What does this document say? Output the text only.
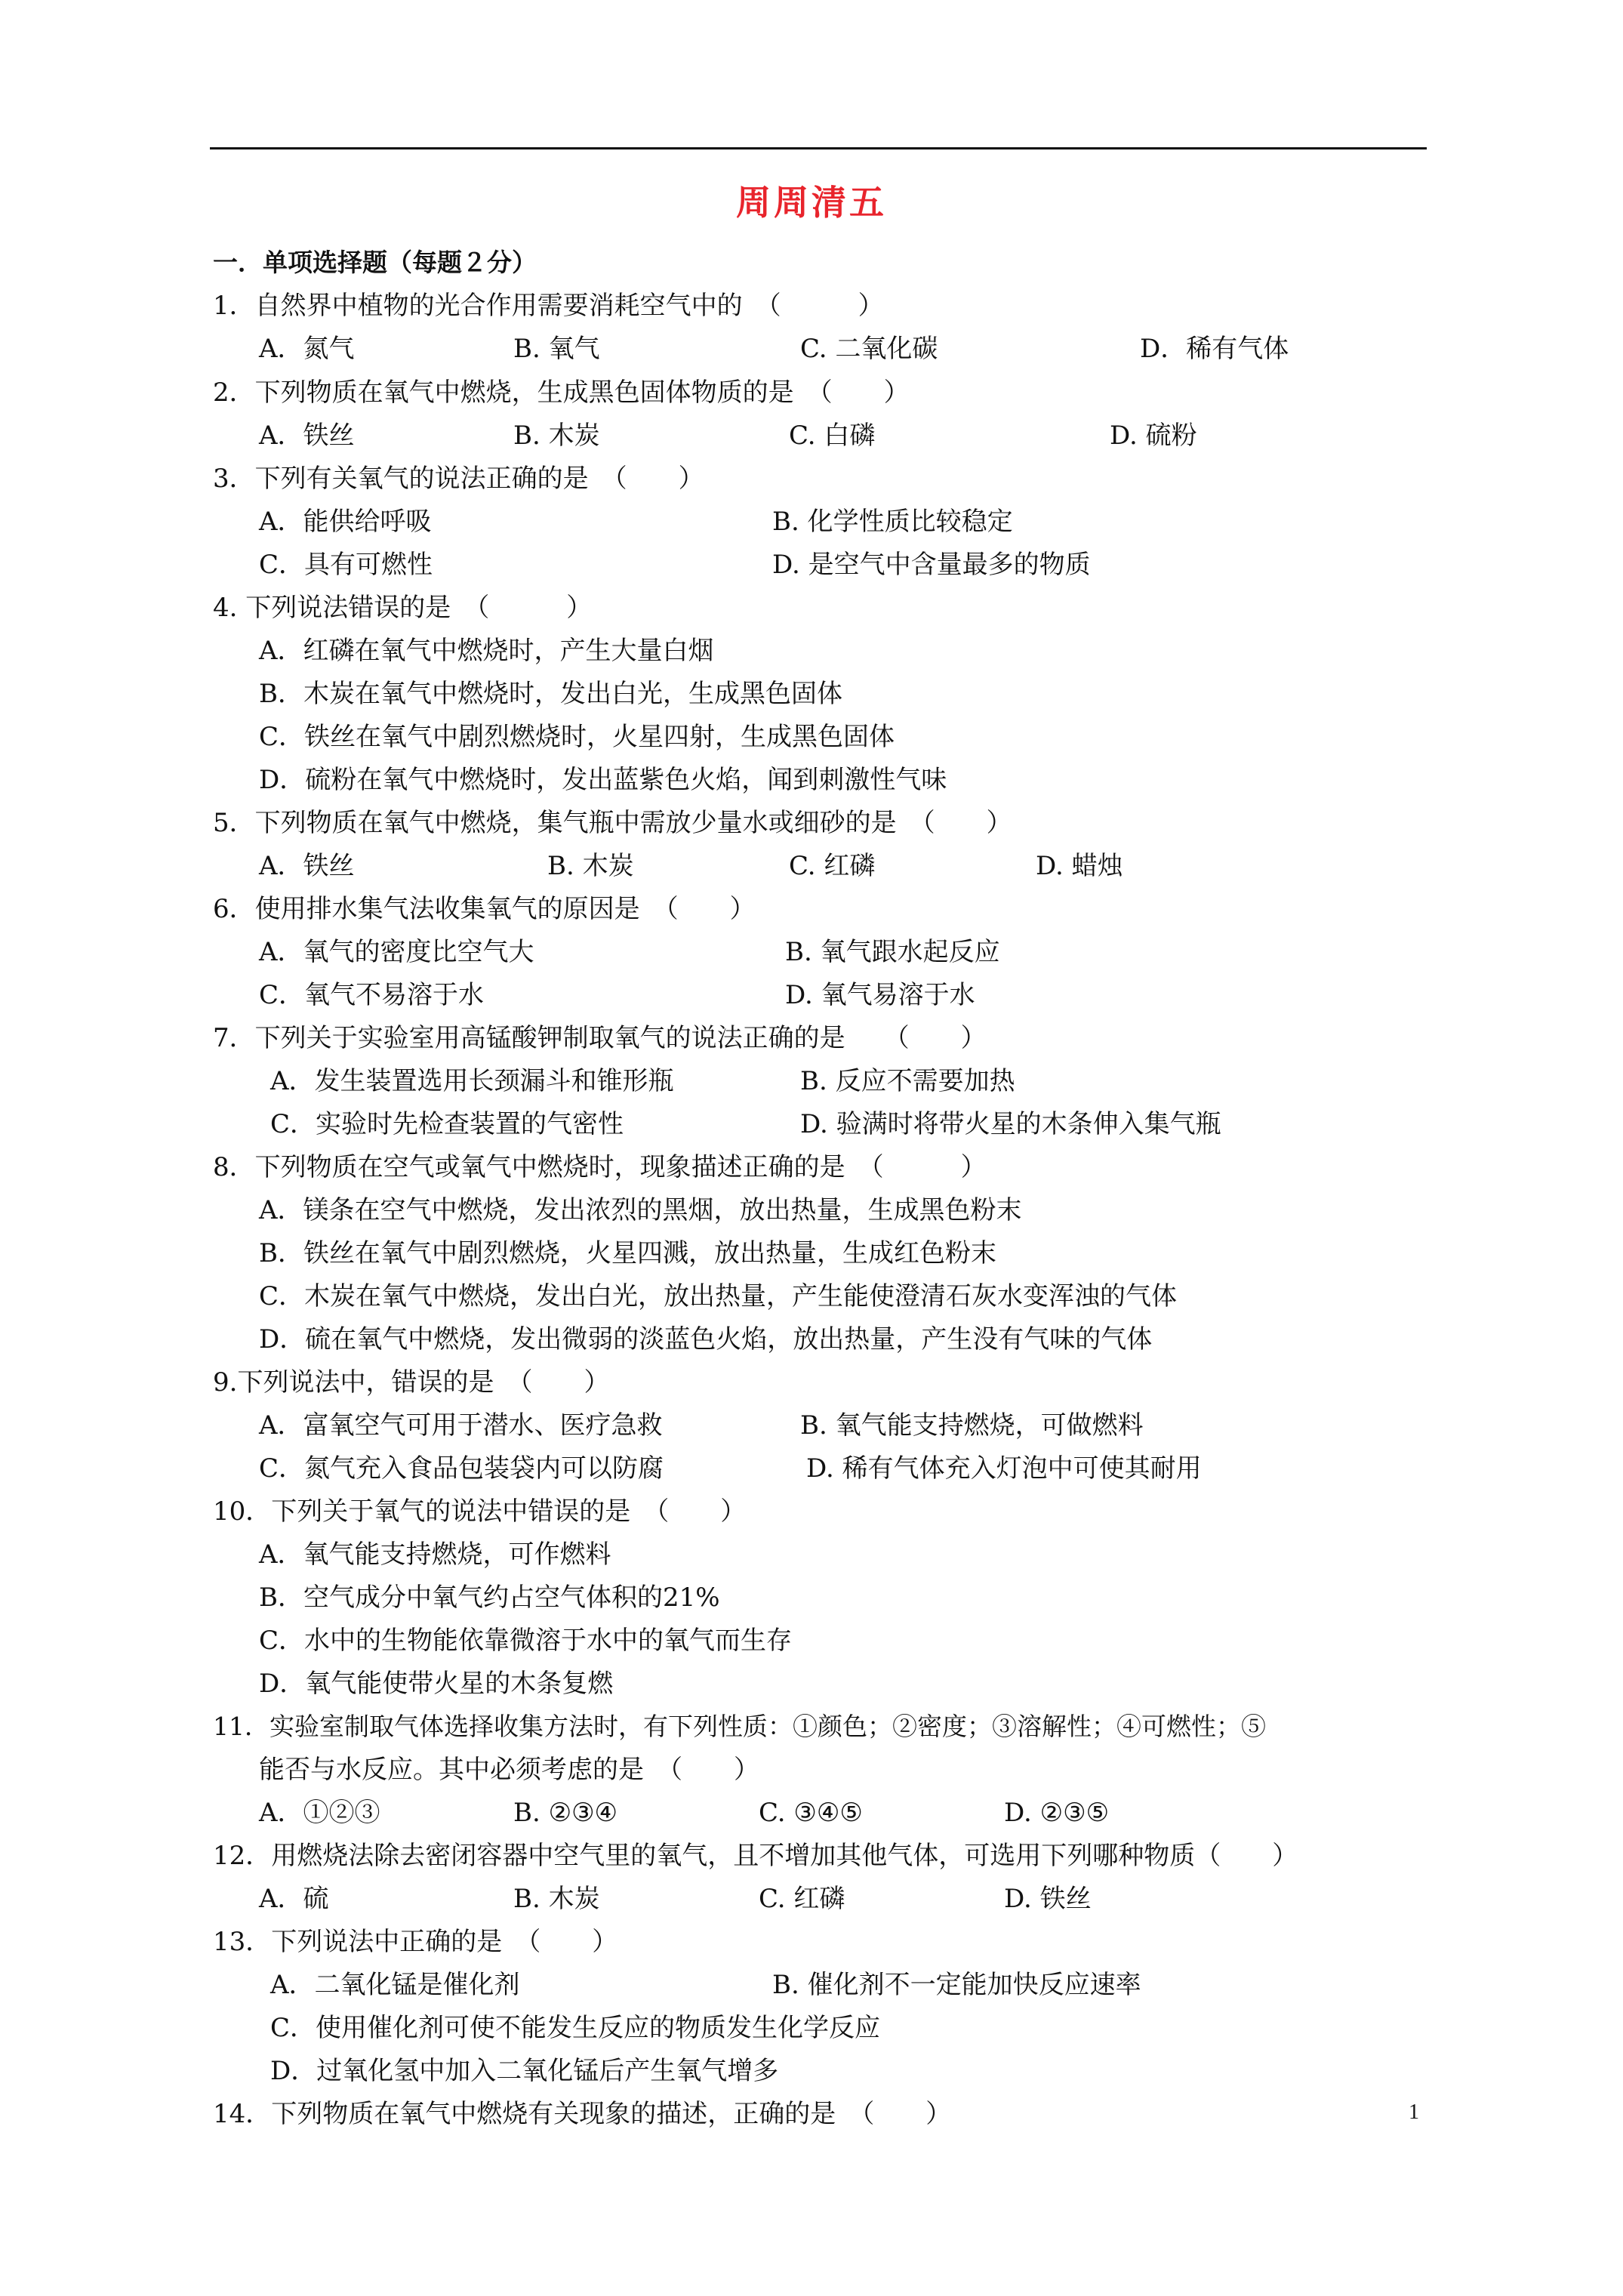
周周清五
一．单项选择题（每题２分）
1．自然界中植物的光合作用需要消耗空气中的　（　　　）
A．氮气	B. 氧气	C. 二氧化碳	D．稀有气体
2．下列物质在氧气中燃烧，生成黑色固体物质的是　（　　）
A．铁丝	B. 木炭	C. 白磷	D. 硫粉
3．下列有关氧气的说法正确的是　（　　）
A．能供给呼吸	B. 化学性质比较稳定
C．具有可燃性	D. 是空气中含量最多的物质
4. 下列说法错误的是　（　　　）
A．红磷在氧气中燃烧时，产生大量白烟
B．木炭在氧气中燃烧时，发出白光，生成黑色固体
C．铁丝在氧气中剧烈燃烧时，火星四射，生成黑色固体
D．硫粉在氧气中燃烧时，发出蓝紫色火焰，闻到刺激性气味
5．下列物质在氧气中燃烧，集气瓶中需放少量水或细砂的是　（　　）
A．铁丝	B. 木炭	C. 红磷	D. 蜡烛
6．使用排水集气法收集氧气的原因是　（　　）
A．氧气的密度比空气大	B. 氧气跟水起反应
C．氧气不易溶于水	D. 氧气易溶于水
7．下列关于实验室用高锰酸钾制取氧气的说法正确的是　　（　　）
A．发生装置选用长颈漏斗和锥形瓶	B. 反应不需要加热
C．实验时先检查装置的气密性	D. 验满时将带火星的木条伸入集气瓶
8．下列物质在空气或氧气中燃烧时，现象描述正确的是　（　　　）
A．镁条在空气中燃烧，发出浓烈的黑烟，放出热量，生成黑色粉末
B．铁丝在氧气中剧烈燃烧，火星四溅，放出热量，生成红色粉末
C．木炭在氧气中燃烧，发出白光，放出热量，产生能使澄清石灰水变浑浊的气体
D．硫在氧气中燃烧，发出微弱的淡蓝色火焰，放出热量，产生没有气味的气体
9.下列说法中，错误的是　（　　）
A．富氧空气可用于潜水、医疗急救	B. 氧气能支持燃烧，可做燃料
C．氮气充入食品包装袋内可以防腐	D. 稀有气体充入灯泡中可使其耐用
10．下列关于氧气的说法中错误的是　（　　）
A．氧气能支持燃烧，可作燃料
B．空气成分中氧气约占空气体积的21%
C．水中的生物能依靠微溶于水中的氧气而生存
D．氧气能使带火星的木条复燃
11．实验室制取气体选择收集方法时，有下列性质：①颜色；②密度；③溶解性；④可燃性；⑤
能否与水反应。其中必须考虑的是　（　　）
A．①②③	B. ②③④	C. ③④⑤	D. ②③⑤
12．用燃烧法除去密闭容器中空气里的氧气，且不增加其他气体，可选用下列哪种物质（　　）
A．硫	B. 木炭	C. 红磷	D. 铁丝
13．下列说法中正确的是　（　　）
A．二氧化锰是催化剂	B. 催化剂不一定能加快反应速率
C．使用催化剂可使不能发生反应的物质发生化学反应
D．过氧化氢中加入二氧化锰后产生氧气增多
14．下列物质在氧气中燃烧有关现象的描述，正确的是　（　　）	1
